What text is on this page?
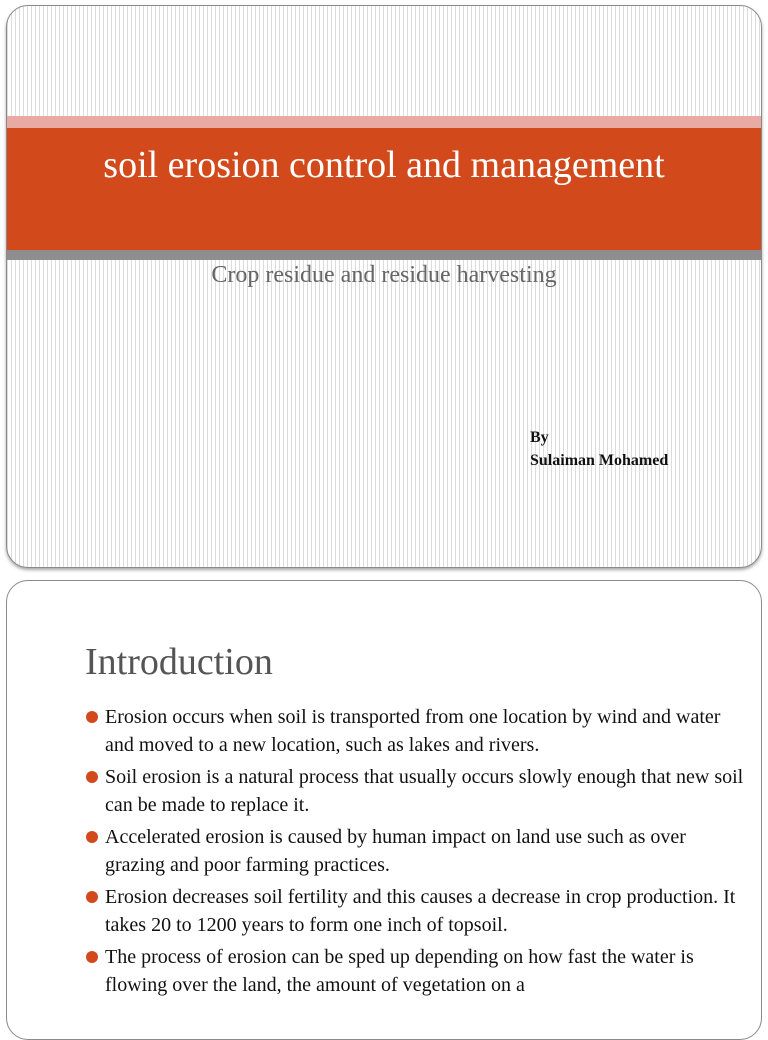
soil erosion control and management
Crop residue and residue harvesting
By
Sulaiman Mohamed
Introduction
Erosion occurs when soil is transported from one location by wind and water and moved to a new location, such as lakes and rivers.
Soil erosion is a natural process that usually occurs slowly enough that new soil can be made to replace it.
Accelerated erosion is caused by human impact on land use such as over grazing and poor farming practices.
Erosion decreases soil fertility and this causes a decrease in crop production. It takes 20 to 1200 years to form one inch of topsoil.
The process of erosion can be sped up depending on how fast the water is flowing over the land, the amount of vegetation on a
